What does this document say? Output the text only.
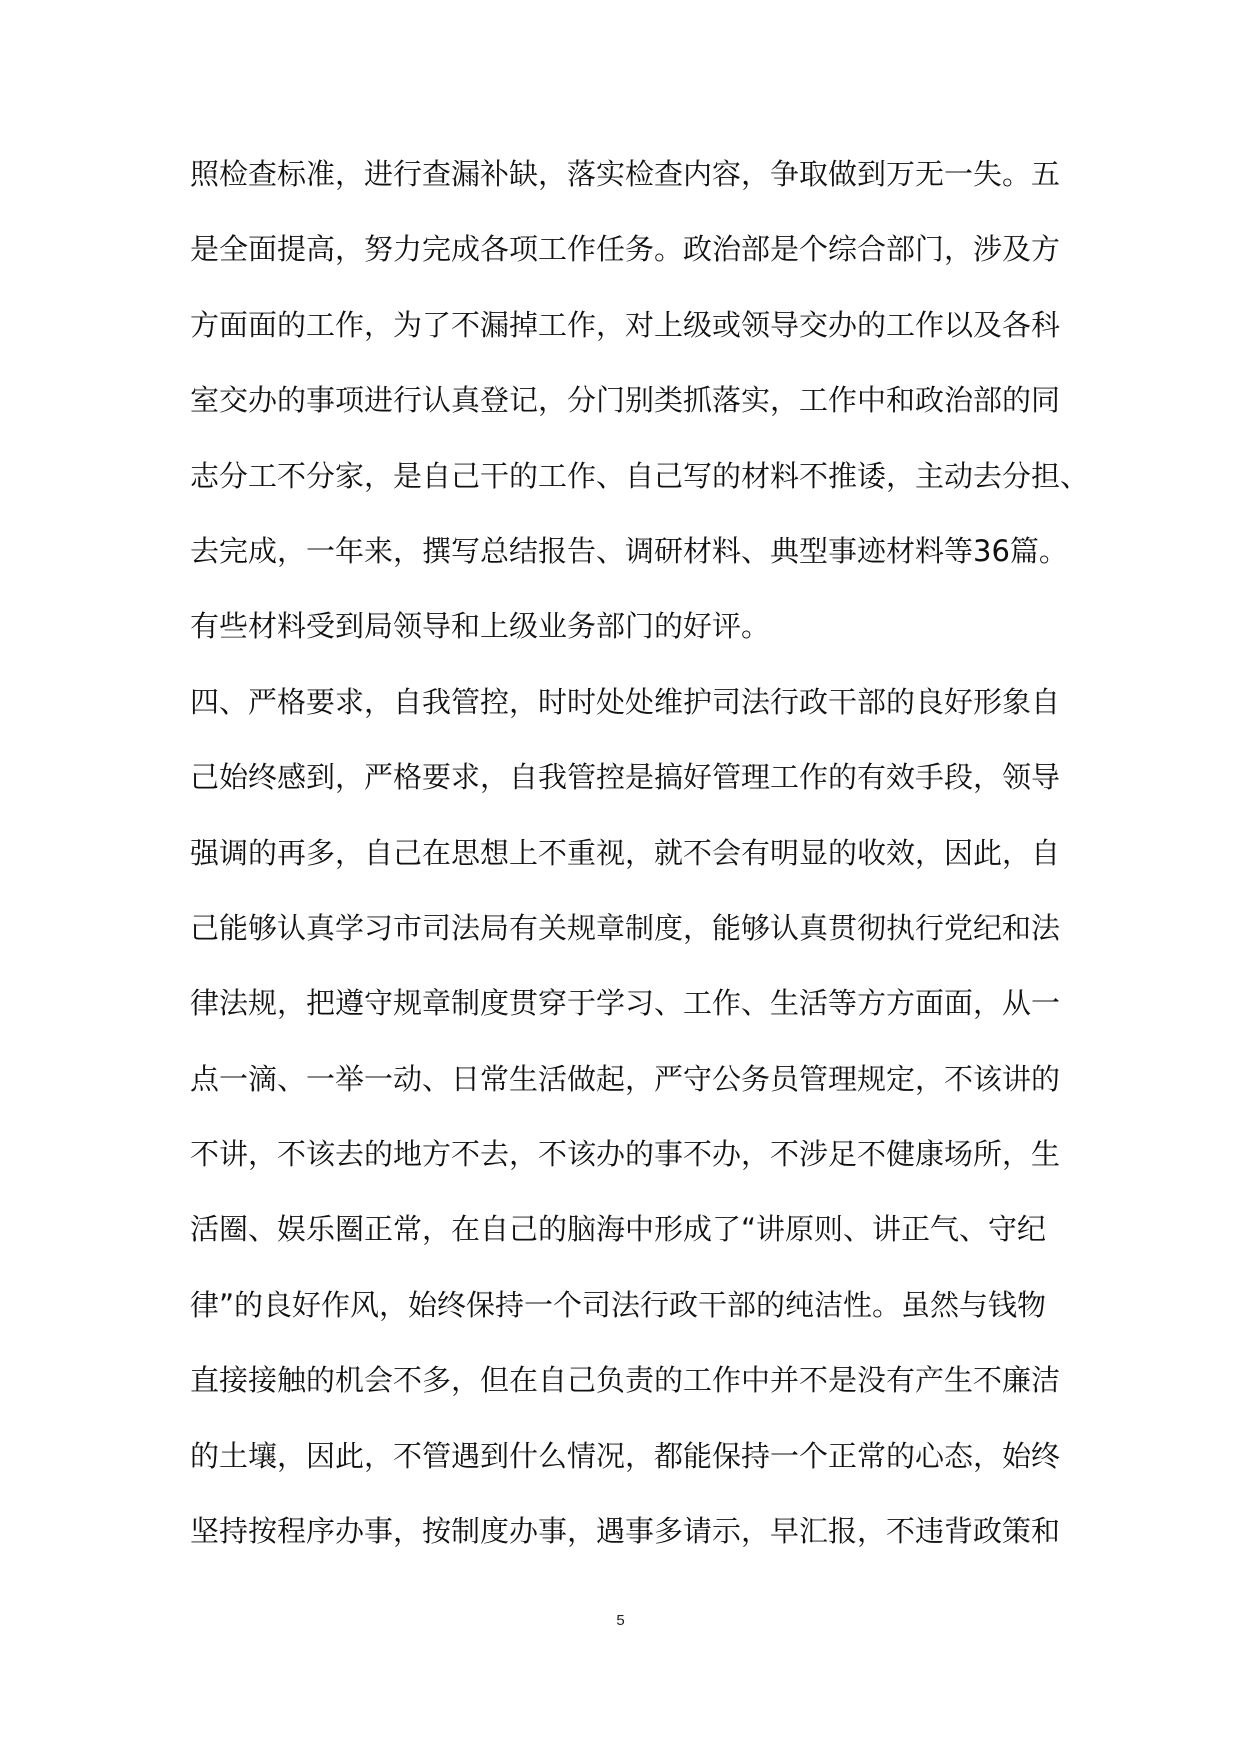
照检查标准，进行查漏补缺，落实检查内容，争取做到万无一失。五
是全面提高，努力完成各项工作任务。政治部是个综合部门，涉及方
方面面的工作，为了不漏掉工作，对上级或领导交办的工作以及各科
室交办的事项进行认真登记，分门别类抓落实，工作中和政治部的同
志分工不分家，是自己干的工作、自己写的材料不推诿，主动去分担、
去完成，一年来，撰写总结报告、调研材料、典型事迹材料等36篇。
有些材料受到局领导和上级业务部门的好评。
四、严格要求，自我管控，时时处处维护司法行政干部的良好形象自
己始终感到，严格要求，自我管控是搞好管理工作的有效手段，领导
强调的再多，自己在思想上不重视，就不会有明显的收效，因此，自
己能够认真学习市司法局有关规章制度，能够认真贯彻执行党纪和法
律法规，把遵守规章制度贯穿于学习、工作、生活等方方面面，从一
点一滴、一举一动、日常生活做起，严守公务员管理规定，不该讲的
不讲，不该去的地方不去，不该办的事不办，不涉足不健康场所，生
活圈、娱乐圈正常，在自己的脑海中形成了“讲原则、讲正气、守纪
律”的良好作风，始终保持一个司法行政干部的纯洁性。虽然与钱物
直接接触的机会不多，但在自己负责的工作中并不是没有产生不廉洁
的土壤，因此，不管遇到什么情况，都能保持一个正常的心态，始终
坚持按程序办事，按制度办事，遇事多请示，早汇报，不违背政策和
5
